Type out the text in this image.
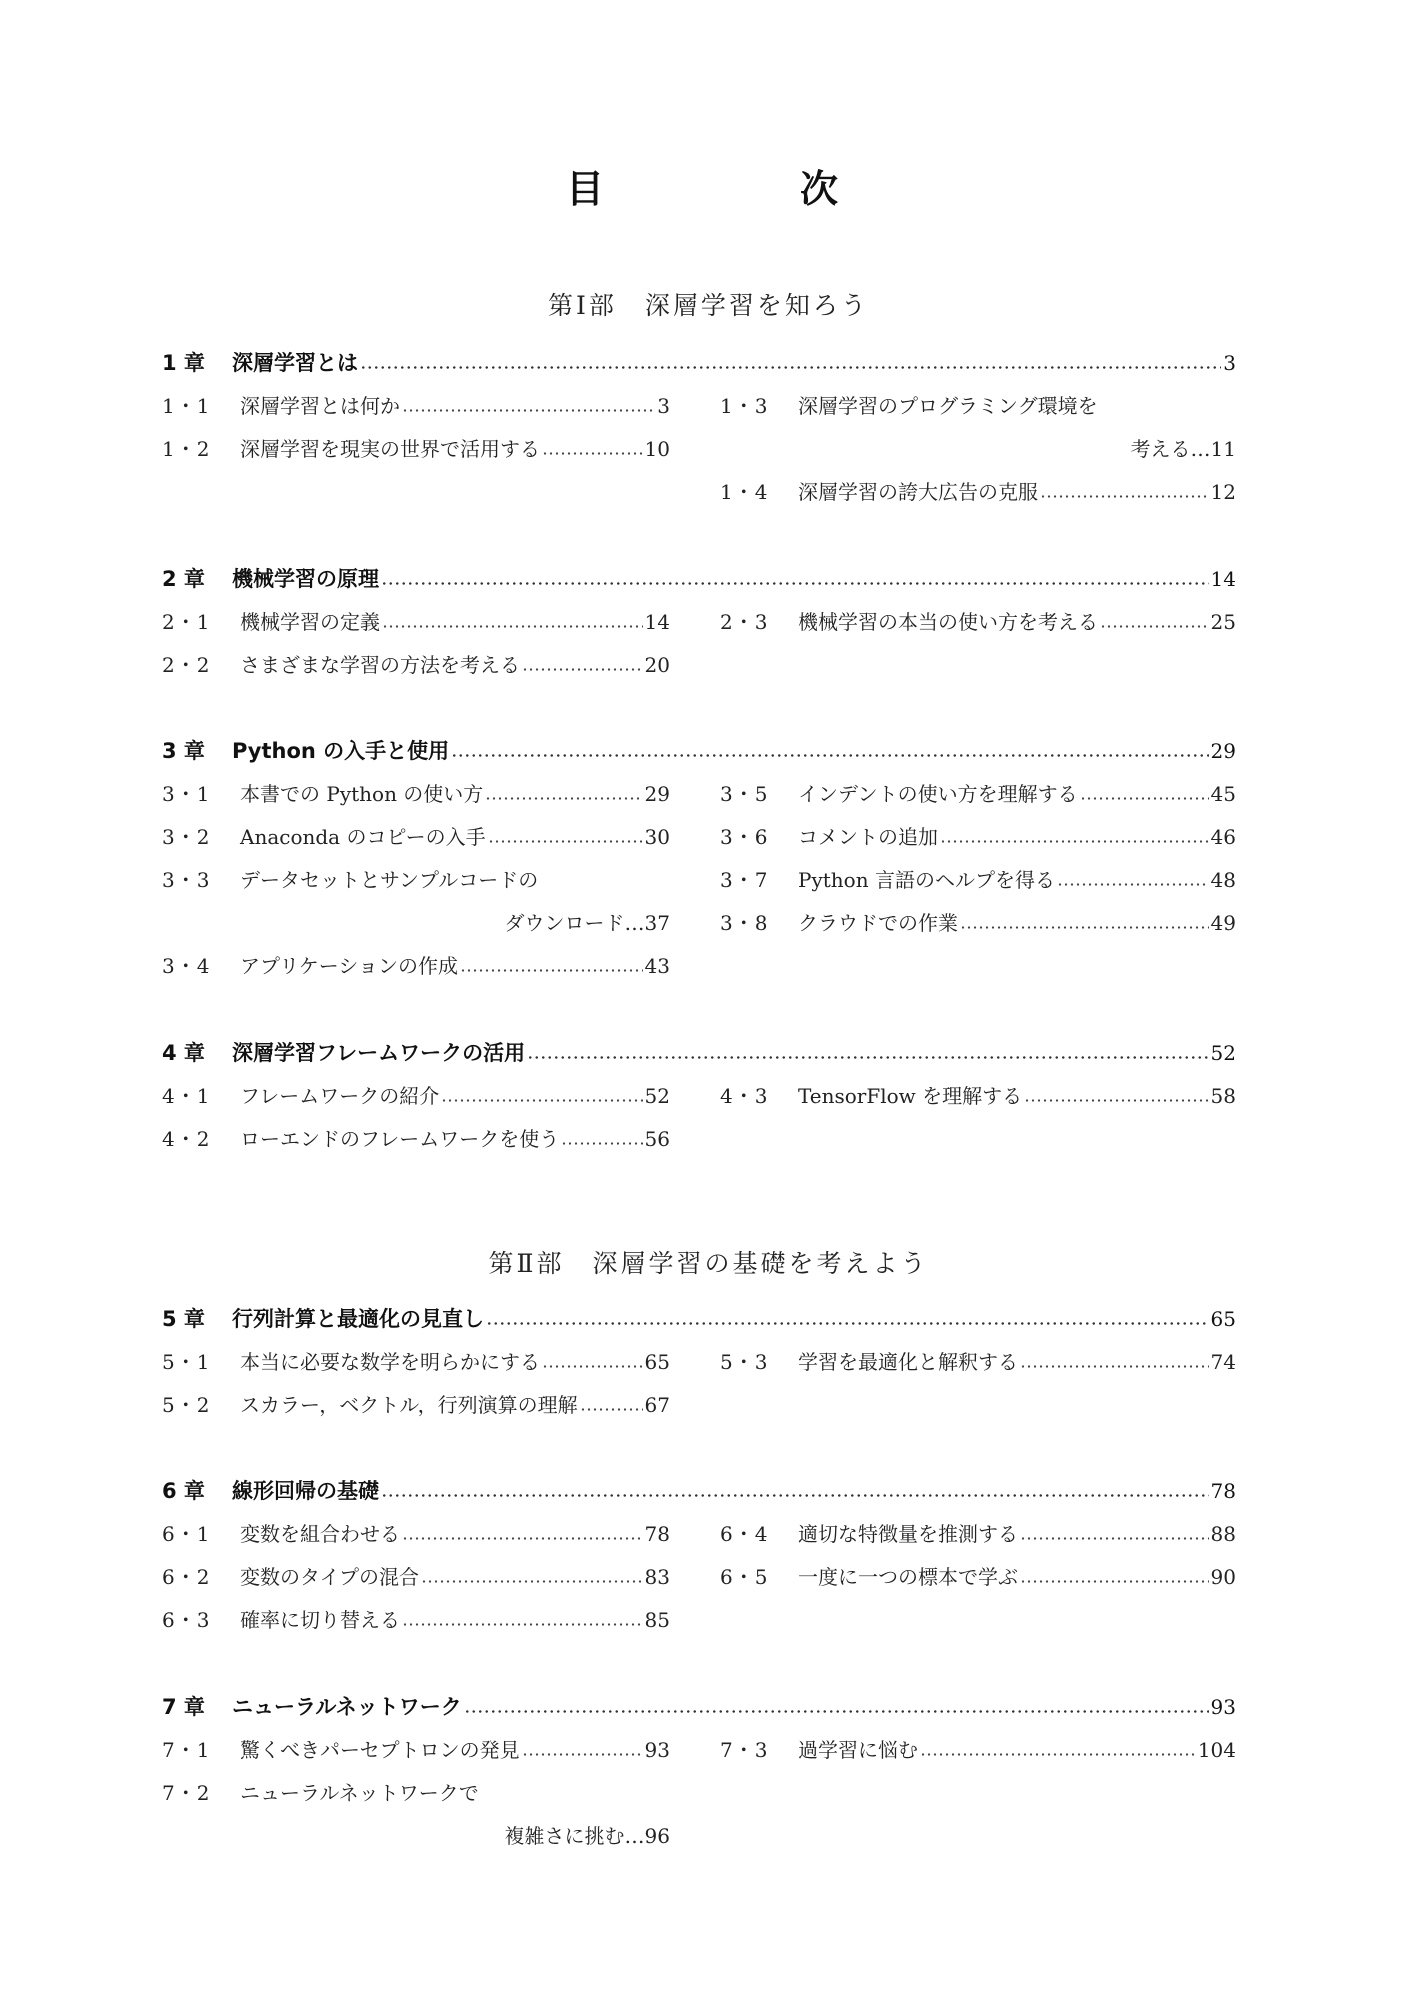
目	次
第Ⅰ部　深層学習を知ろう
第Ⅱ部　深層学習の基礎を考えよう
1 章	深層学習とは	3
1・1	深層学習とは何か	3
1・2	深層学習を現実の世界で活用する	10
1・3	深層学習のプログラミング環境を
考える … 11
1・4	深層学習の誇大広告の克服	12
2 章	機械学習の原理	14
2・1	機械学習の定義	14
2・2	さまざまな学習の方法を考える	20
2・3	機械学習の本当の使い方を考える	25
3 章	Python の入手と使用	29
3・1	本書での Python の使い方	29
3・2	Anaconda のコピーの入手	30
3・3	データセットとサンプルコードの
ダウンロード … 37
3・4	アプリケーションの作成	43
3・5	インデントの使い方を理解する	45
3・6	コメントの追加	46
3・7	Python 言語のヘルプを得る	48
3・8	クラウドでの作業	49
4 章	深層学習フレームワークの活用	52
4・1	フレームワークの紹介	52
4・2	ローエンドのフレームワークを使う	56
4・3	TensorFlow を理解する	58
5 章	行列計算と最適化の見直し	65
5・1	本当に必要な数学を明らかにする	65
5・2	スカラー，ベクトル，行列演算の理解	67
5・3	学習を最適化と解釈する	74
6 章	線形回帰の基礎	78
6・1	変数を組合わせる	78
6・2	変数のタイプの混合	83
6・3	確率に切り替える	85
6・4	適切な特徴量を推測する	88
6・5	一度に一つの標本で学ぶ	90
7 章	ニューラルネットワーク	93
7・1	驚くべきパーセプトロンの発見	93
7・2	ニューラルネットワークで
複雑さに挑む … 96
7・3	過学習に悩む	104
